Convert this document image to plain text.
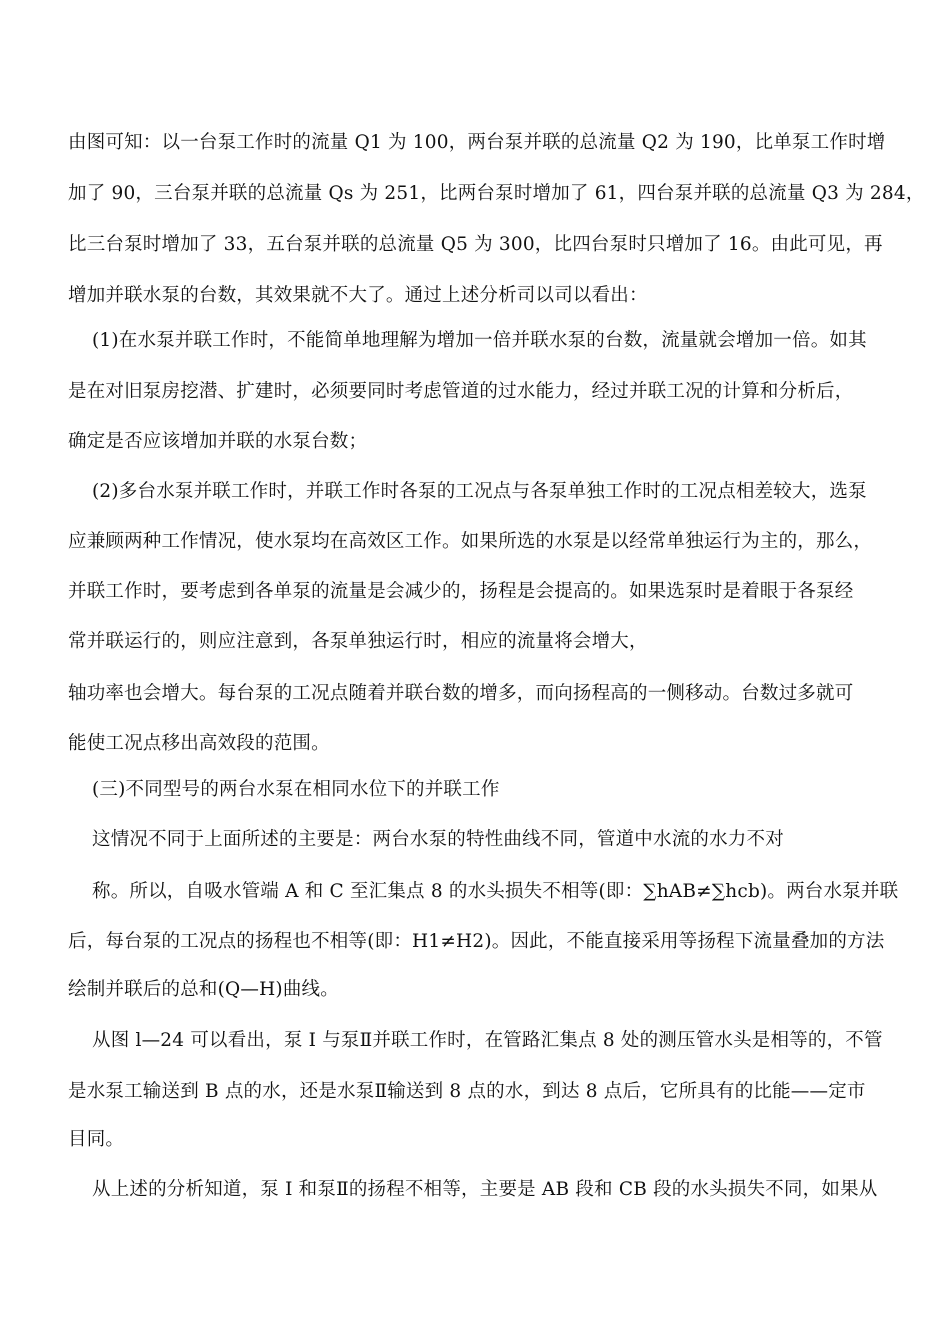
由图可知：以一台泵工作时的流量 Q1 为 100，两台泵并联的总流量 Q2 为 190，比单泵工作时增
加了 90，三台泵并联的总流量 Qs 为 251，比两台泵时增加了 61，四台泵并联的总流量 Q3 为 284，
比三台泵时增加了 33，五台泵并联的总流量 Q5 为 300，比四台泵时只增加了 16。由此可见，再
增加并联水泵的台数，其效果就不大了。通过上述分析司以司以看出：
(1)在水泵并联工作时，不能简单地理解为增加一倍并联水泵的台数，流量就会增加一倍。如其
是在对旧泵房挖潜、扩建时，必须要同时考虑管道的过水能力，经过并联工况的计算和分析后，
确定是否应该增加并联的水泵台数；
(2)多台水泵并联工作时，并联工作时各泵的工况点与各泵单独工作时的工况点相差较大，选泵
应兼顾两种工作情况，使水泵均在高效区工作。如果所选的水泵是以经常单独运行为主的，那么，
并联工作时，要考虑到各单泵的流量是会减少的，扬程是会提高的。如果选泵时是着眼于各泵经
常并联运行的，则应注意到，各泵单独运行时，相应的流量将会增大，
轴功率也会增大。每台泵的工况点随着并联台数的增多，而向扬程高的一侧移动。台数过多就可
能使工况点移出高效段的范围。
(三)不同型号的两台水泵在相同水位下的并联工作
这情况不同于上面所述的主要是：两台水泵的特性曲线不同，管道中水流的水力不对
称。所以，自吸水管端 A 和 C 至汇集点 8 的水头损失不相等(即：∑hAB≠∑hcb)。两台水泵并联
后，每台泵的工况点的扬程也不相等(即：H1≠H2)。因此，不能直接采用等扬程下流量叠加的方法
绘制并联后的总和(Q—H)曲线。
从图 l—24 可以看出，泵 I 与泵Ⅱ并联工作时，在管路汇集点 8 处的测压管水头是相等的，不管
是水泵工输送到 B 点的水，还是水泵Ⅱ输送到 8 点的水，到达 8 点后，它所具有的比能——定市
目同。
从上述的分析知道，泵 I 和泵Ⅱ的扬程不相等，主要是 AB 段和 CB 段的水头损失不同，如果从
